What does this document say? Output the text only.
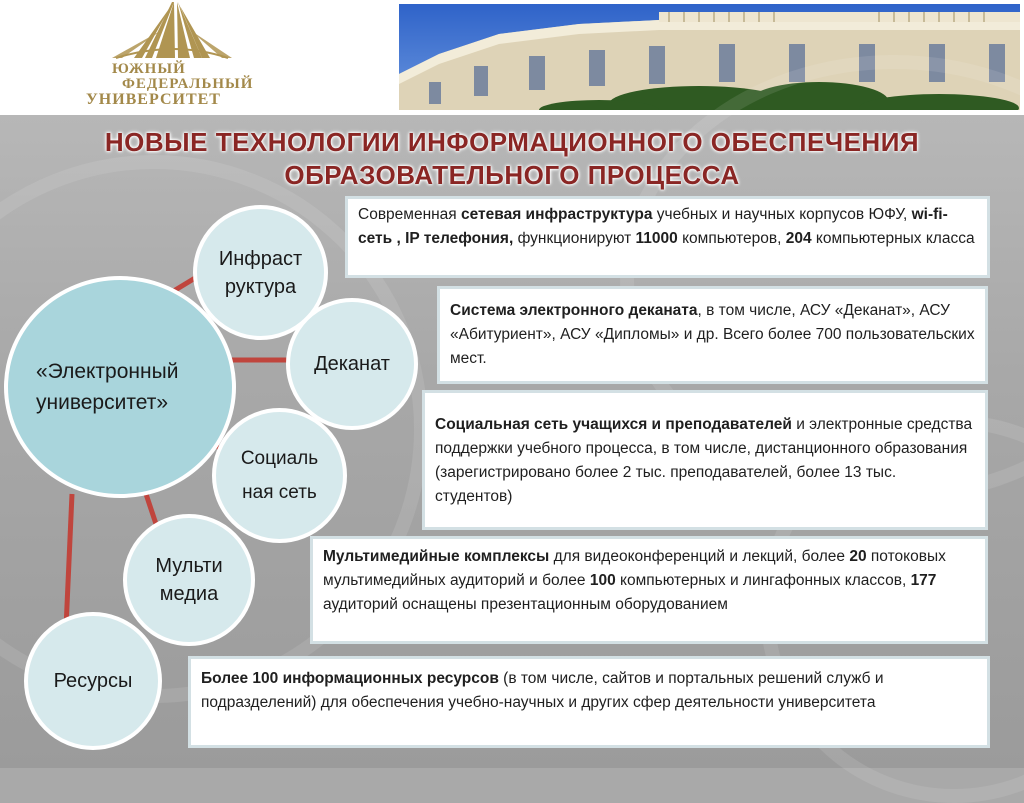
ЮЖНЫЙ
ФЕДЕРАЛЬНЫЙ
УНИВЕРСИТЕТ
НОВЫЕ ТЕХНОЛОГИИ ИНФОРМАЦИОННОГО ОБЕСПЕЧЕНИЯ
ОБРАЗОВАТЕЛЬНОГО ПРОЦЕССА
«Электронный университет»
Инфраст руктура
Деканат
Социаль ная сеть
Мульти медиа
Ресурсы
Современная сетевая инфраструктура учебных и научных корпусов ЮФУ, wi-fi-сеть , IP телефония, функционируют 11000 компьютеров, 204 компьютерных класса
Система электронного деканата, в том числе, АСУ «Деканат», АСУ «Абитуриент», АСУ «Дипломы» и др. Всего более 700 пользовательских мест.
Социальная сеть учащихся и преподавателей и электронные средства поддержки учебного процесса, в том числе, дистанционного образования (зарегистрировано более 2 тыс. преподавателей, более 13 тыс. студентов)
Мультимедийные комплексы для видеоконференций и лекций, более 20 потоковых мультимедийных аудиторий и более 100 компьютерных и лингафонных классов, 177 аудиторий оснащены презентационным оборудованием
Более 100 информационных ресурсов (в том числе, сайтов и портальных решений служб и подразделений) для обеспечения учебно-научных и других сфер деятельности университета
